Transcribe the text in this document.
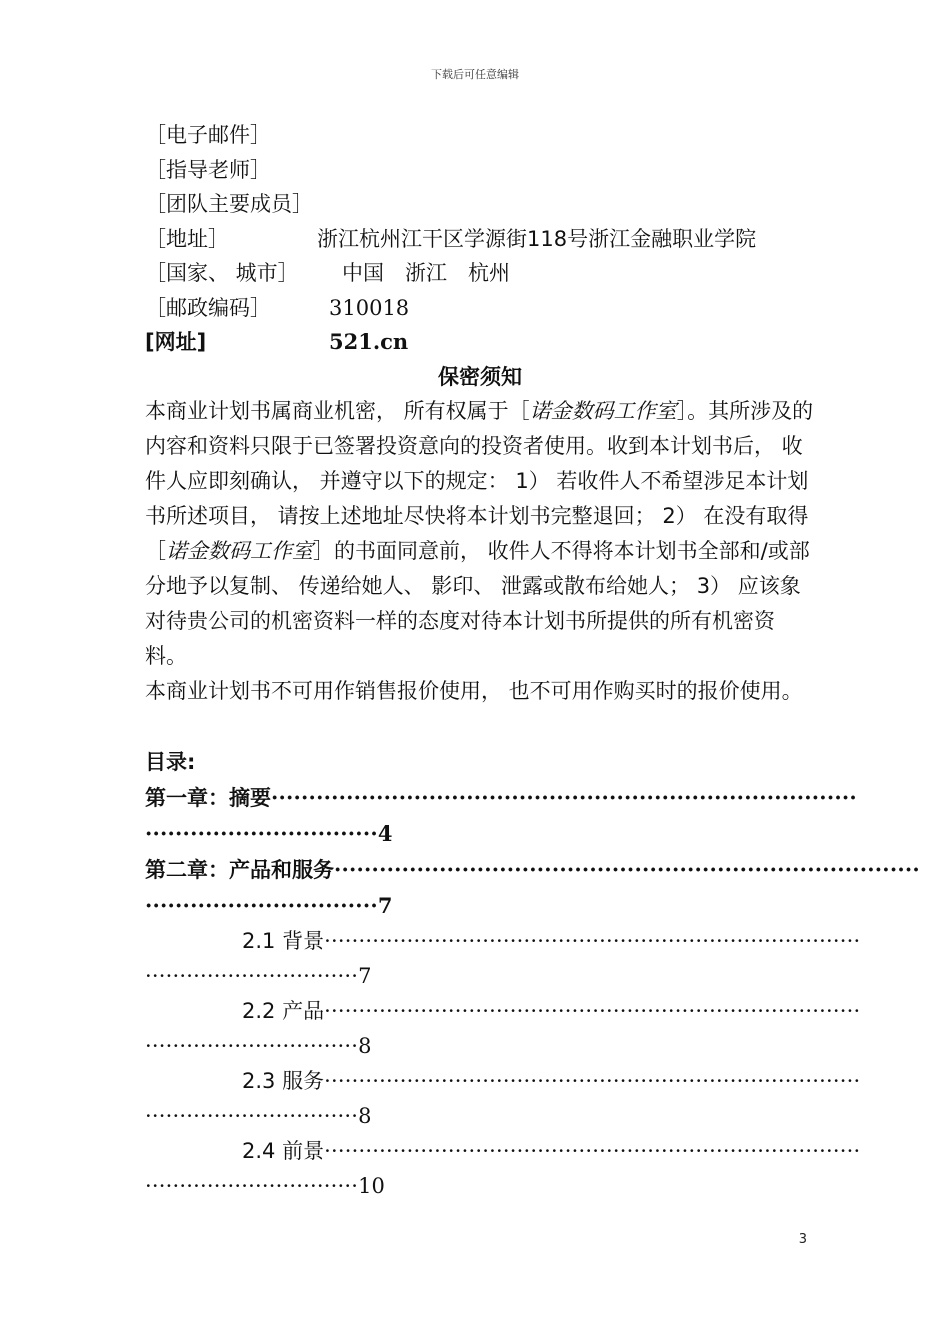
下载后可任意编辑
［电子邮件］
［指导老师］
［团队主要成员］
［地址］	浙江杭州江干区学源街118号浙江金融职业学院
［国家、 城市］ 中国　浙江　杭州
［邮政编码］	310018
[网址]	521.cn
保密须知
本商业计划书属商业机密， 所有权属于［诺金数码工作室］。其所涉及的内容和资料只限于已签署投资意向的投资者使用。收到本计划书后， 收件人应即刻确认， 并遵守以下的规定： 1） 若收件人不希望涉足本计划书所述项目， 请按上述地址尽快将本计划书完整退回； 2） 在没有取得［诺金数码工作室］的书面同意前， 收件人不得将本计划书全部和/或部分地予以复制、 传递给她人、 影印、 泄露或散布给她人； 3） 应该象对待贵公司的机密资料一样的态度对待本计划书所提供的所有机密资料。
本商业计划书不可用作销售报价使用， 也不可用作购买时的报价使用。
目录:
第一章：摘要··············································································
·······························4
第二章：产品和服务··············································································
·······························7
2.1 背景··············································································
·······························7
2.2 产品··············································································
·······························8
2.3 服务··············································································
·······························8
2.4 前景··············································································
·······························10
3
